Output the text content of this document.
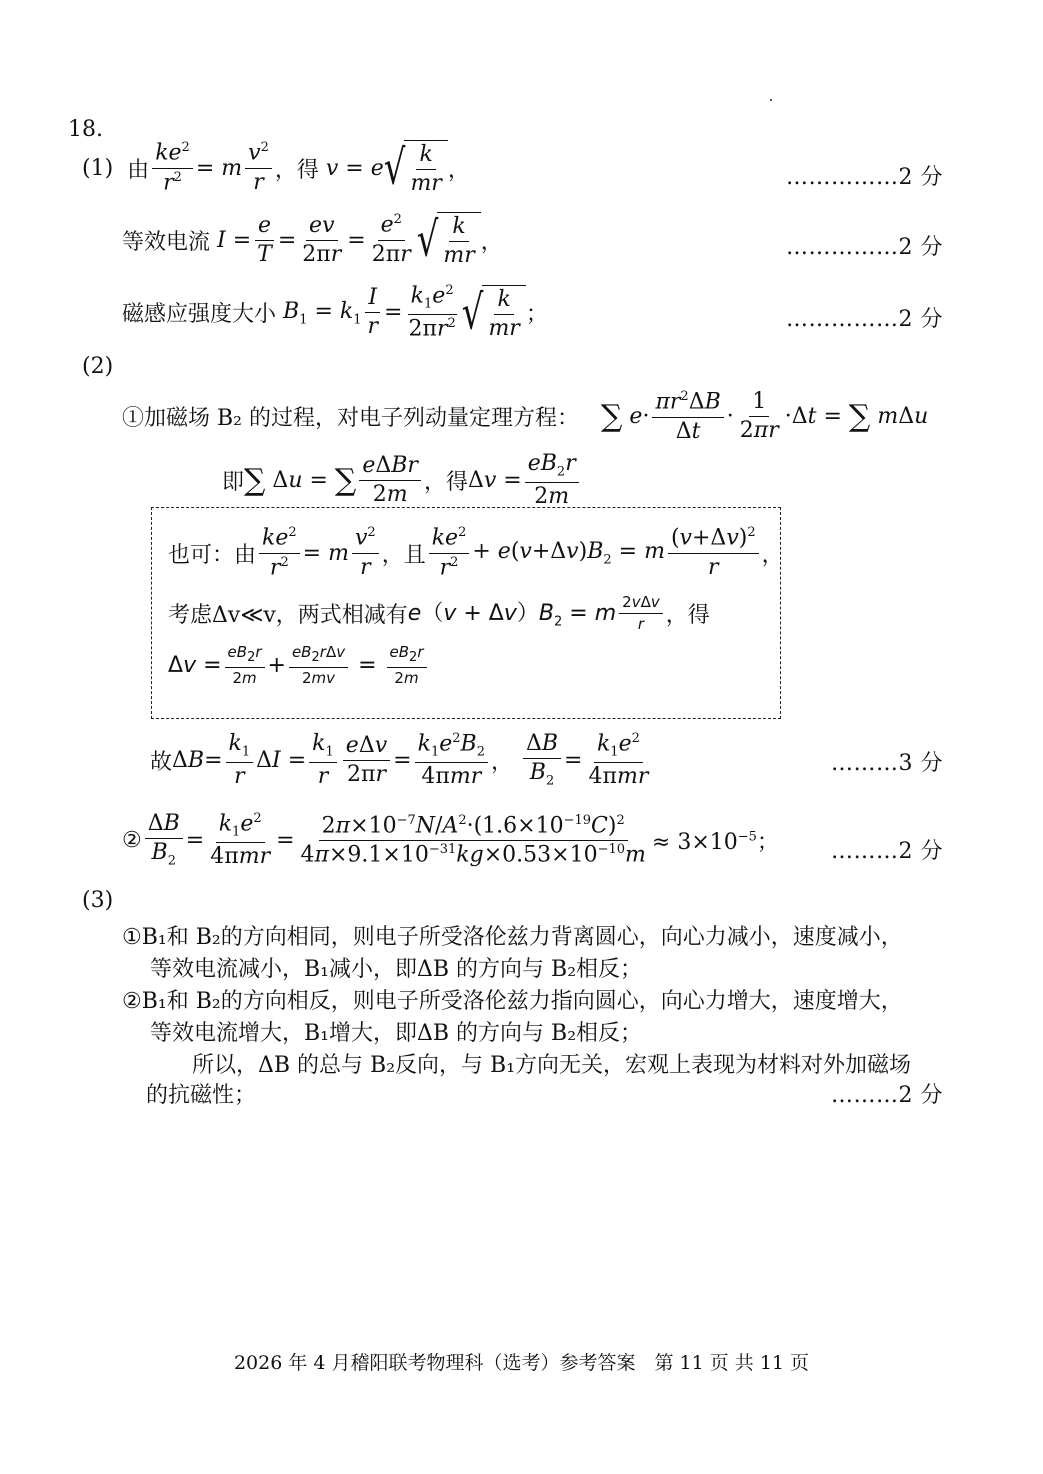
18.
(1) 由 $\frac{ke^2}{r^2} = m \frac{v^2}{r}$ ，得 v = e √ $\frac{k}{mr}$ ，	……………2 分
等效电流 $I = \frac{e}{T} = \frac{ev}{2\pi r} = \frac{e^2}{2\pi r}$ √ $\frac{k}{mr}$ ，	……………2 分
磁感应强度大小 $B_1 = k_1 \frac{I}{r} = \frac{k_1e^2}{2\pi r^2}$ √ $\frac{k}{mr}$ ；	……………2 分
(2)
①加磁场 B₂ 的过程，对电子列动量定理方程： ∑ $e\cdot \frac{\pi r^2\Delta B}{\Delta t} \cdot \frac{1}{2\pi r} \cdot\Delta t$ = ∑ mΔu
即 ∑ Δu = ∑ $\frac{\text{eΔBr}}{2m}$ ，得 $\Delta v = \frac{eB_2r}{2m}$
也可：由 $\frac{ke^2}{r^2} = m \frac{v^2}{r}$ ，且 $\frac{ke^2}{r^2} + e(v+\Delta v)B_2 = m \frac{(v+\Delta v)^2}{r}$ ，
考虑Δv≪v，两式相减有 $e(v + \Delta v)B_2 = m \frac{\text{2vΔv}}{r}$ ，得
$\Delta v = \frac{eB_2r}{2m} + \frac{eB_2r\Delta v}{2mv} = \frac{eB_2r}{2m}$
故 $\Delta B= \frac{k_1}{r}$ $\Delta I = \frac{k_1}{r} \frac{\text{eΔv}}{2\pi r} = \frac{k_1e^2B_2}{\text{4πmr}}$ ， $\frac{\Delta B}{B_2} = \frac{k_1e^2}{\text{4πmr}}$	………3 分
② $\frac{\Delta B}{B_2} = \frac{k_1e^2}{\text{4πmr}} = \frac{2\pi\times 10^{-7}N/A^2\cdot(1.6\times 10^{-19}C)^2}{4\pi\times 9.1\times 10^{-31}kg\times 0.53\times 10^{-10}m} \approx 3\times 10^{-5}$； ………2 分
(3)
①B₁和 B₂的方向相同，则电子所受洛伦兹力背离圆心，向心力减小，速度减小，
等效电流减小，B₁减小，即ΔB 的方向与 B₂相反；
②B₁和 B₂的方向相反，则电子所受洛伦兹力指向圆心，向心力增大，速度增大，
等效电流增大，B₁增大，即ΔB 的方向与 B₂相反；
所以，ΔB 的总与 B₂反向，与 B₁方向无关，宏观上表现为材料对外加磁场
的抗磁性；	………2 分
2026 年 4 月稽阳联考物理科（选考）参考答案　第 11 页 共 11 页
